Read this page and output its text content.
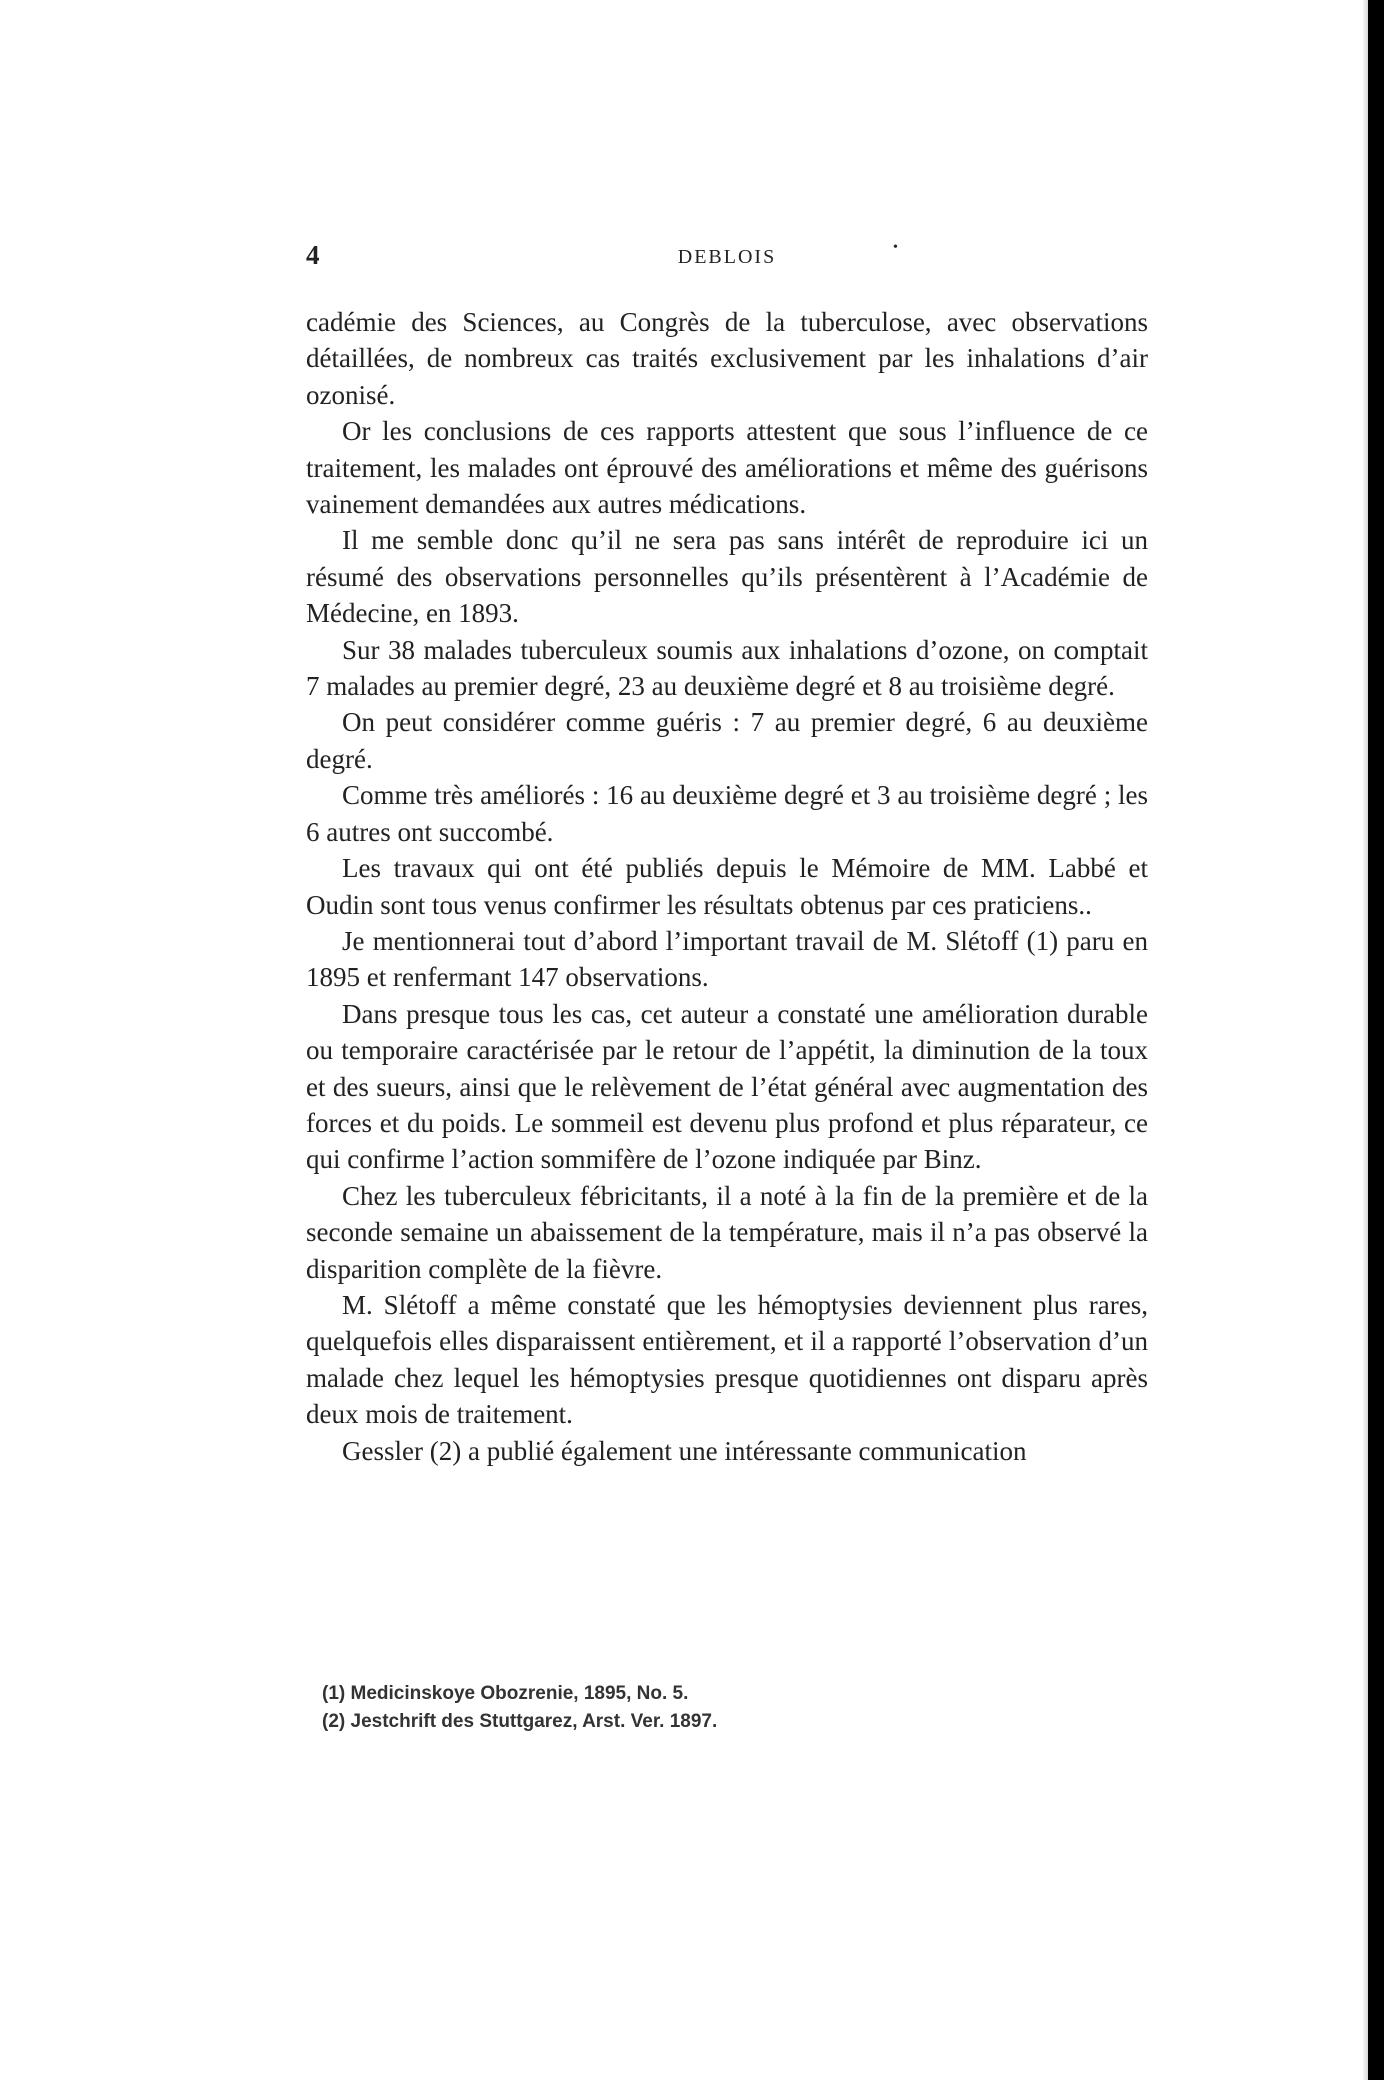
4	DEBLOIS	•

cadémie des Sciences, au Congrès de la tuberculose, avec observations détaillées, de nombreux cas traités exclusivement par les inhalations d’air ozonisé.

Or les conclusions de ces rapports attestent que sous l’influence de ce traitement, les malades ont éprouvé des améliorations et même des guérisons vainement demandées aux autres médications.

Il me semble donc qu’il ne sera pas sans intérêt de reproduire ici un résumé des observations personnelles qu’ils présentèrent à l’Académie de Médecine, en 1893.

Sur 38 malades tuberculeux soumis aux inhalations d’ozone, on comptait 7 malades au premier degré, 23 au deuxième degré et 8 au troisième degré.

On peut considérer comme guéris : 7 au premier degré, 6 au deuxième degré.

Comme très améliorés : 16 au deuxième degré et 3 au troisième degré ; les 6 autres ont succombé.

Les travaux qui ont été publiés depuis le Mémoire de MM. Labbé et Oudin sont tous venus confirmer les résultats obtenus par ces praticiens..

Je mentionnerai tout d’abord l’important travail de M. Slétoff (1) paru en 1895 et renfermant 147 observations.

Dans presque tous les cas, cet auteur a constaté une amélioration durable ou temporaire caractérisée par le retour de l’appétit, la diminution de la toux et des sueurs, ainsi que le relèvement de l’état général avec augmentation des forces et du poids. Le sommeil est devenu plus profond et plus réparateur, ce qui confirme l’action sommifère de l’ozone indiquée par Binz.

Chez les tuberculeux fébricitants, il a noté à la fin de la première et de la seconde semaine un abaissement de la température, mais il n’a pas observé la disparition complète de la fièvre.

M. Slétoff a même constaté que les hémoptysies deviennent plus rares, quelquefois elles disparaissent entièrement, et il a rapporté l’observation d’un malade chez lequel les hémoptysies presque quotidiennes ont disparu après deux mois de traitement.

Gessler (2) a publié également une intéressante communication

(1) Medicinskoye Obozrenie, 1895, No. 5.
(2) Jestchrift des Stuttgarez, Arst. Ver. 1897.
